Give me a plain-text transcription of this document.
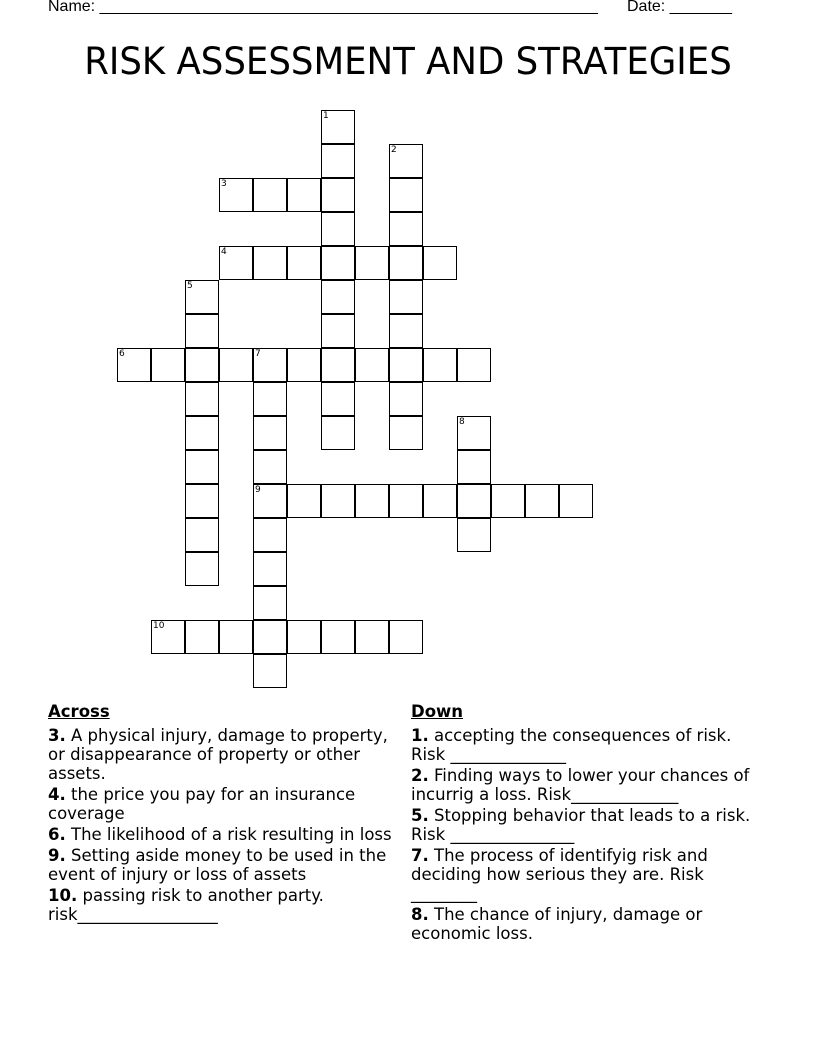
Name: ________________________________________________________ Date: _______
RISK ASSESSMENT AND STRATEGIES
1
2
3
4
5
6	7
9
8
10
Across
3. A physical injury, damage to property, or disappearance of property or other assets.
4. the price you pay for an insurance coverage
6. The likelihood of a risk resulting in loss
9. Setting aside money to be used in the event of injury or loss of assets
10. passing risk to another party. risk_________________
Down
1. accepting the consequences of risk. Risk ______________
2. Finding ways to lower your chances of incurrig a loss. Risk_____________
5. Stopping behavior that leads to a risk. Risk _______________
7. The process of identifyig risk and deciding how serious they are. Risk ________
8. The chance of injury, damage or economic loss.
